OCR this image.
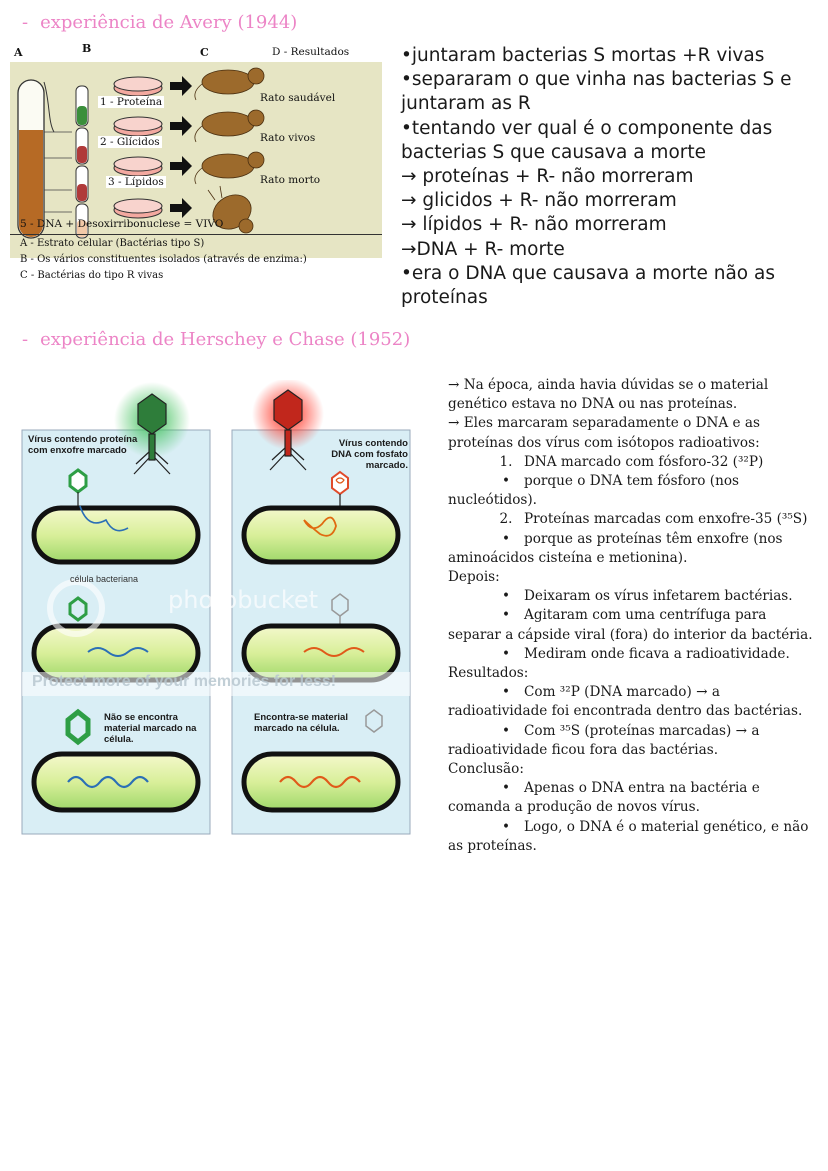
- experiência de Avery (1944)
A	B	C	D - Resultados
1 - Proteína
2 - Glícidos
3 - Lípidos
Rato saudável
Rato vivos
Rato morto
5 - DNA + Desoxirribonuclese = VIVO
A - Estrato celular (Bactérias tipo S)
B - Os vários constituentes isolados (através de enzima:)
C - Bactérias do tipo R vivas

•juntaram bacterias S mortas +R vivas

•separaram o que vinha nas bacterias S e juntaram as R

•tentando ver qual é o componente das bacterias S que causava a morte

→ proteínas + R- não morreram

→ glicidos + R- não morreram

→ lípidos + R- não morreram

→DNA + R- morte

•era o DNA que causava a morte não as proteínas

- experiência de Herschey e Chase (1952)
Vírus contendo proteína com enxofre marcado
Vírus contendo DNA com fosfato marcado.
célula bacteriana
photobucket
Protect more of your memories for less!
Não se encontra material marcado na célula.
Encontra-se material marcado na célula.

→ Na época, ainda havia dúvidas se o material genético estava no DNA ou nas proteínas.

→ Eles marcaram separadamente o DNA e as proteínas dos vírus com isótopos radioativos:

1. DNA marcado com fósforo-32 (³²P)

• porque o DNA tem fósforo (nos nucleótidos).

2. Proteínas marcadas com enxofre-35 (³⁵S)

• porque as proteínas têm enxofre (nos aminoácidos cisteína e metionina).

Depois:

• Deixaram os vírus infetarem bactérias.

• Agitaram com uma centrífuga para separar a cápside viral (fora) do interior da bactéria.

• Mediram onde ficava a radioatividade.

Resultados:

• Com ³²P (DNA marcado) → a radioatividade foi encontrada dentro das bactérias.

• Com ³⁵S (proteínas marcadas) → a radioatividade ficou fora das bactérias.

Conclusão:

• Apenas o DNA entra na bactéria e comanda a produção de novos vírus.

• Logo, o DNA é o material genético, e não as proteínas.
